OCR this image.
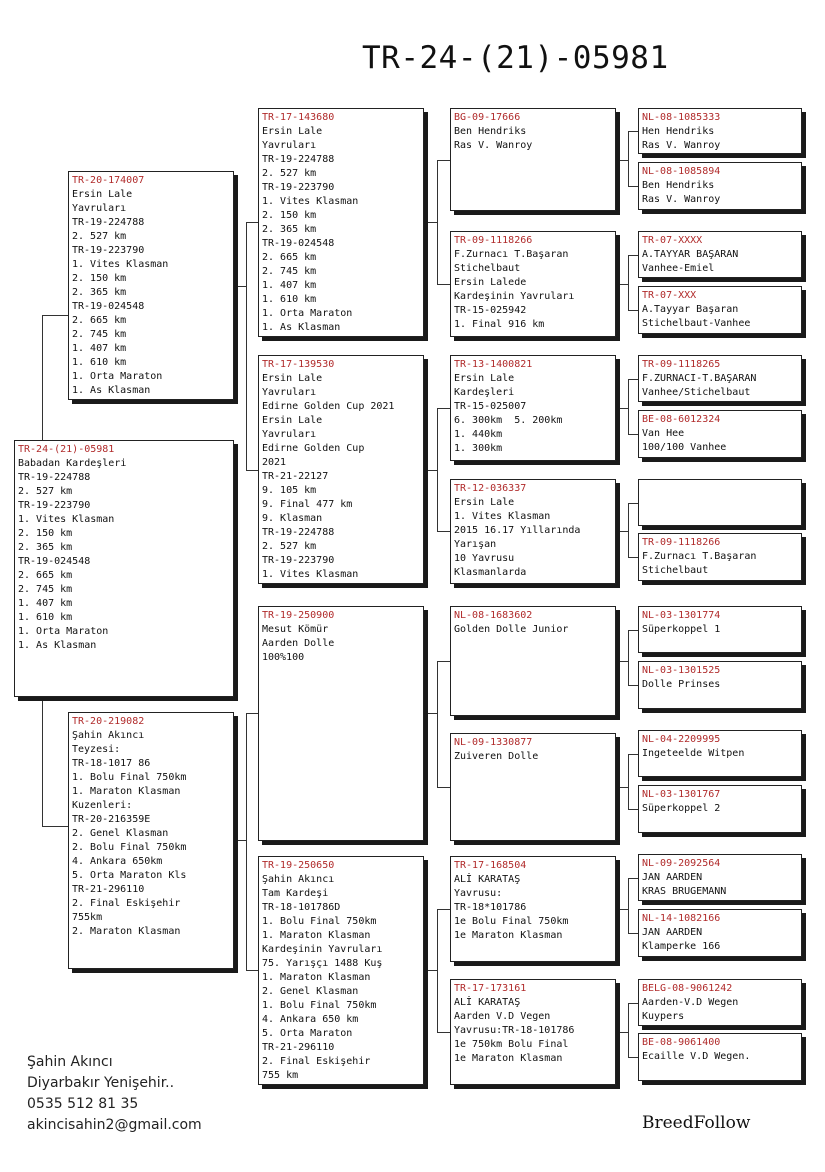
TR-24-(21)-05981
TR-24-(21)-05981
Babadan Kardeşleri
TR-19-224788
2. 527 km
TR-19-223790
1. Vites Klasman
2. 150 km
2. 365 km
TR-19-024548
2. 665 km
2. 745 km
1. 407 km
1. 610 km
1. Orta Maraton
1. As Klasman
TR-20-174007
Ersin Lale
Yavruları
TR-19-224788
2. 527 km
TR-19-223790
1. Vites Klasman
2. 150 km
2. 365 km
TR-19-024548
2. 665 km
2. 745 km
1. 407 km
1. 610 km
1. Orta Maraton
1. As Klasman
TR-20-219082
Şahin Akıncı
Teyzesi:
TR-18-1017 86
1. Bolu Final 750km
1. Maraton Klasman
Kuzenleri:
TR-20-216359E
2. Genel Klasman
2. Bolu Final 750km
4. Ankara 650km
5. Orta Maraton Kls
TR-21-296110
2. Final Eskişehir
755km
2. Maraton Klasman
TR-17-143680
Ersin Lale
Yavruları
TR-19-224788
2. 527 km
TR-19-223790
1. Vites Klasman
2. 150 km
2. 365 km
TR-19-024548
2. 665 km
2. 745 km
1. 407 km
1. 610 km
1. Orta Maraton
1. As Klasman
TR-17-139530
Ersin Lale
Yavruları
Edirne Golden Cup 2021
Ersin Lale
Yavruları
Edirne Golden Cup
2021
TR-21-22127
9. 105 km
9. Final 477 km
9. Klasman
TR-19-224788
2. 527 km
TR-19-223790
1. Vites Klasman
TR-19-250900
Mesut Kömür
Aarden Dolle
100%100
TR-19-250650
Şahin Akıncı
Tam Kardeşi
TR-18-101786D
1. Bolu Final 750km
1. Maraton Klasman
Kardeşinin Yavruları
75. Yarışçı 1488 Kuş
1. Maraton Klasman
2. Genel Klasman
1. Bolu Final 750km
4. Ankara 650 km
5. Orta Maraton
TR-21-296110
2. Final Eskişehir
755 km
BG-09-17666
Ben Hendriks
Ras V. Wanroy
TR-09-1118266
F.Zurnacı T.Başaran
Stichelbaut
Ersin Lalede
Kardeşinin Yavruları
TR-15-025942
1. Final 916 km
TR-13-1400821
Ersin Lale
Kardeşleri
TR-15-025007
6. 300km  5. 200km
1. 440km
1. 300km
TR-12-036337
Ersin Lale
1. Vites Klasman
2015 16.17 Yıllarında
Yarışan
10 Yavrusu
Klasmanlarda
NL-08-1683602
Golden Dolle Junior
NL-09-1330877
Zuiveren Dolle
TR-17-168504
ALİ KARATAŞ
Yavrusu:
TR-18*101786
1e Bolu Final 750km
1e Maraton Klasman
TR-17-173161
ALİ KARATAŞ
Aarden V.D Vegen
Yavrusu:TR-18-101786
1e 750km Bolu Final
1e Maraton Klasman
NL-08-1085333
Hen Hendriks
Ras V. Wanroy
NL-08-1085894
Ben Hendriks
Ras V. Wanroy
TR-07-XXXX
A.TAYYAR BAŞARAN
Vanhee-Emiel
TR-07-XXX
A.Tayyar Başaran
Stichelbaut-Vanhee
TR-09-1118265
F.ZURNACI-T.BAŞARAN
Vanhee/Stichelbaut
BE-08-6012324
Van Hee
100/100 Vanhee
TR-09-1118266
F.Zurnacı T.Başaran
Stichelbaut
NL-03-1301774
Süperkoppel 1
NL-03-1301525
Dolle Prinses
NL-04-2209995
Ingeteelde Witpen
NL-03-1301767
Süperkoppel 2
NL-09-2092564
JAN AARDEN
KRAS BRUGEMANN
NL-14-1082166
JAN AARDEN
Klamperke 166
BELG-08-9061242
Aarden-V.D Wegen
Kuypers
BE-08-9061400
Ecaille V.D Wegen.
Şahin Akıncı
Diyarbakır Yenişehir..
0535 512 81 35
akincisahin2@gmail.com	BreedFollow
